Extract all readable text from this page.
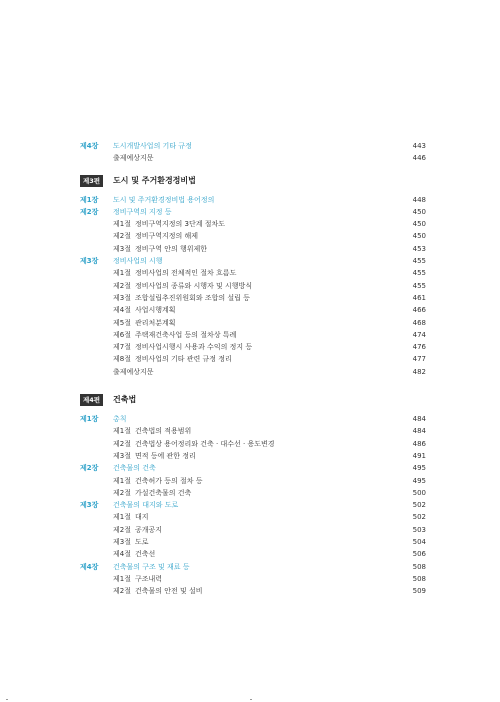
제4장 도시개발사업의 기타 규정	443
출제예상지문	446
제3편	도시 및 주거환경정비법
제1장 도시 및 주거환경정비법 용어정의	448
제2장 정비구역의 지정 등	450
제1절 정비구역지정의 3단계 절차도	450
제2절 정비구역지정의 해제	450
제3절 정비구역 안의 행위제한	453
제3장 정비사업의 시행	455
제1절 정비사업의 전체적인 절차 흐름도	455
제2절 정비사업의 종류와 시행자 및 시행방식	455
제3절 조합설립추진위원회와 조합의 설립 등	461
제4절 사업시행계획	466
제5절 관리처분계획	468
제6절 주택재건축사업 등의 절차상 특례	474
제7절 정비사업시행시 사용과 수익의 정지 등	476
제8절 정비사업의 기타 관련 규정 정리	477
출제예상지문	482
제4편	건축법
제1장 총칙	484
제1절 건축법의 적용범위	484
제2절 건축법상 용어정리와 건축 · 대수선 · 용도변경	486
제3절 면적 등에 관한 정리	491
제2장 건축물의 건축	495
제1절 건축허가 등의 절차 등	495
제2절 가설건축물의 건축	500
제3장 건축물의 대지와 도로	502
제1절 대지	502
제2절 공개공지	503
제3절 도로	504
제4절 건축선	506
제4장 건축물의 구조 및 재료 등	508
제1절 구조내력	508
제2절 건축물의 안전 및 설비	509
